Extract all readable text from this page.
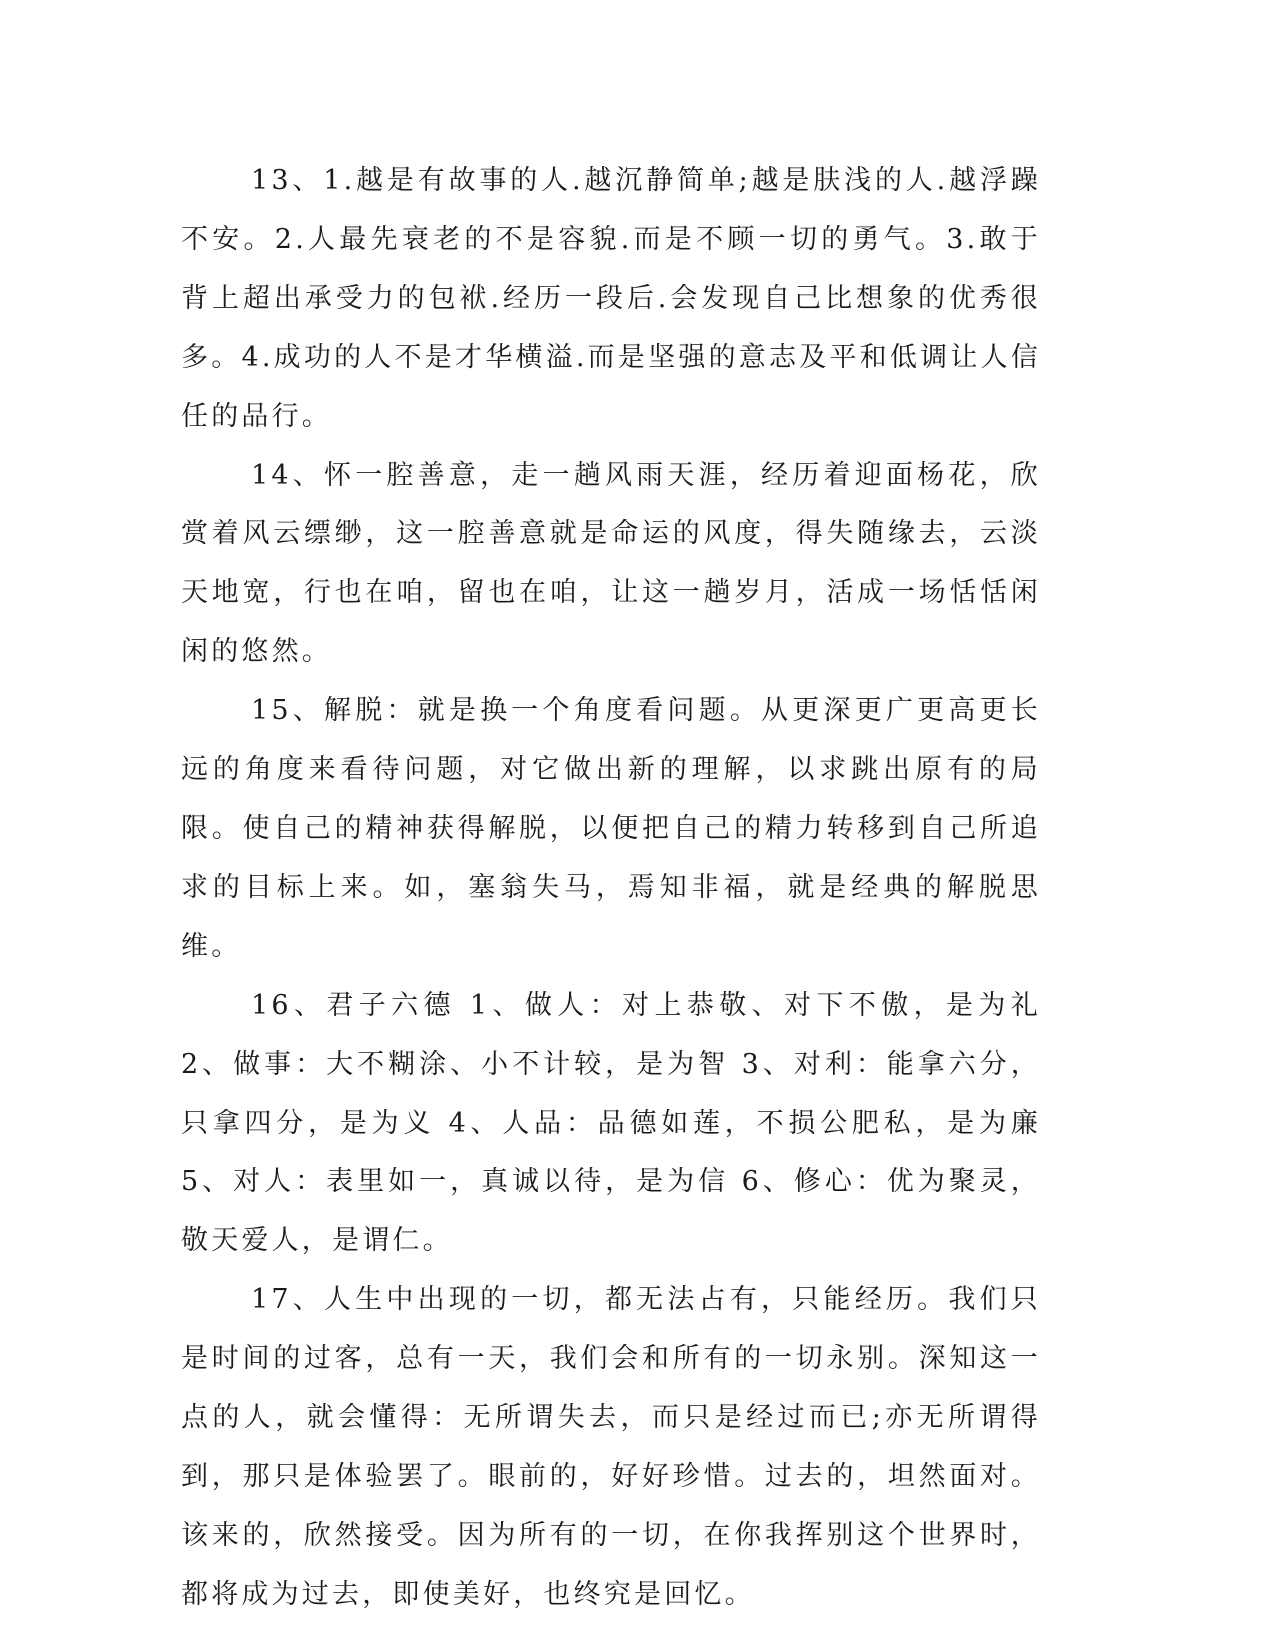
13、1.越是有故事的人.越沉静简单;越是肤浅的人.越浮躁不安。2.人最先衰老的不是容貌.而是不顾一切的勇气。3.敢于背上超出承受力的包袱.经历一段后.会发现自己比想象的优秀很多。4.成功的人不是才华横溢.而是坚强的意志及平和低调让人信任的品行。

14、怀一腔善意，走一趟风雨天涯，经历着迎面杨花，欣赏着风云缥缈，这一腔善意就是命运的风度，得失随缘去，云淡天地宽，行也在咱，留也在咱，让这一趟岁月，活成一场恬恬闲闲的悠然。

15、解脱：就是换一个角度看问题。从更深更广更高更长远的角度来看待问题，对它做出新的理解，以求跳出原有的局限。使自己的精神获得解脱，以便把自己的精力转移到自己所追求的目标上来。如，塞翁失马，焉知非福，就是经典的解脱思维。

16、君子六德 1、做人：对上恭敬、对下不傲，是为礼 2、做事：大不糊涂、小不计较，是为智 3、对利：能拿六分，只拿四分，是为义 4、人品：品德如莲，不损公肥私，是为廉 5、对人：表里如一，真诚以待，是为信 6、修心：优为聚灵，敬天爱人，是谓仁。

17、人生中出现的一切，都无法占有，只能经历。我们只是时间的过客，总有一天，我们会和所有的一切永别。深知这一点的人，就会懂得：无所谓失去，而只是经过而已;亦无所谓得到，那只是体验罢了。眼前的，好好珍惜。过去的，坦然面对。该来的，欣然接受。因为所有的一切，在你我挥别这个世界时，都将成为过去，即使美好，也终究是回忆。
